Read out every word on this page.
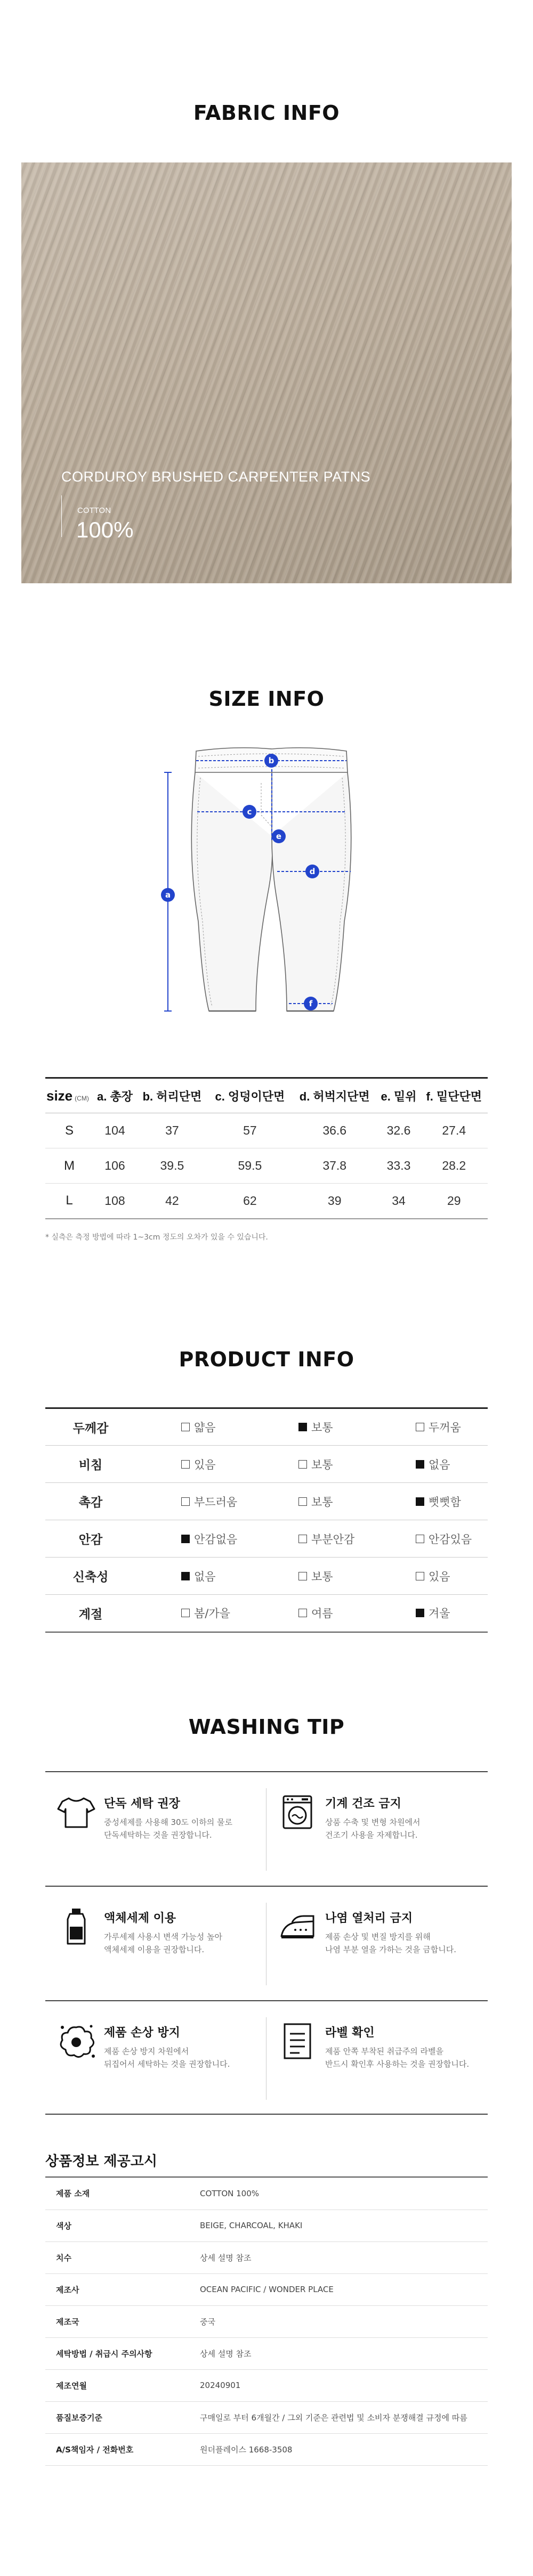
FABRIC INFO
CORDUROY BRUSHED CARPENTER PATNS
COTTON
100%
SIZE INFO
a
b
c
d
e
f
size (CM)	a. 총장	b. 허리단면	c. 엉덩이단면	d. 허벅지단면	e. 밑위	f. 밑단단면
S	104	37	57	36.6	32.6	27.4
M	106	39.5	59.5	37.8	33.3	28.2
L	108	42	62	39	34	29
* 실측은 측정 방법에 따라 1~3cm 정도의 오차가 있을 수 있습니다.
PRODUCT INFO
두께감	얇음	보통	두꺼움

비침	있음	보통	없음

촉감	부드러움	보통	뻣뻣함

안감	안감없음	부분안감	안감있음

신축성	없음	보통	있음

계절	봄/가을	여름	겨울
WASHING TIP
단독 세탁 권장
중성세제를 사용해 30도 이하의 물로
단독세탁하는 것을 권장합니다.
기계 건조 금지
상품 수축 및 변형 차원에서
건조기 사용을 자제합니다.
액체세제 이용
가루세제 사용시 변색 가능성 높아
액체세제 이용을 권장합니다.
나염 열처리 금지
제품 손상 및 변질 방지를 위해
나염 부분 열을 가하는 것을 금합니다.
제품 손상 방지
제품 손상 방지 차원에서
뒤집어서 세탁하는 것을 권장합니다.
라벨 확인
제품 안쪽 부착된 취급주의 라벨을
반드시 확인후 사용하는 것을 권장합니다.
상품정보 제공고시
제품 소재	COTTON 100%
색상	BEIGE, CHARCOAL, KHAKI
치수	상세 설명 참조
제조사	OCEAN PACIFIC / WONDER PLACE
제조국	중국
세탁방법 / 취급시 주의사항	상세 설명 참조
제조연월	20240901
품질보증기준	구매일로 부터 6개월간 / 그외 기준은 관련법 및 소비자 분쟁해결 규정에 따름
A/S책임자 / 전화번호	원더플레이스 1668-3508
